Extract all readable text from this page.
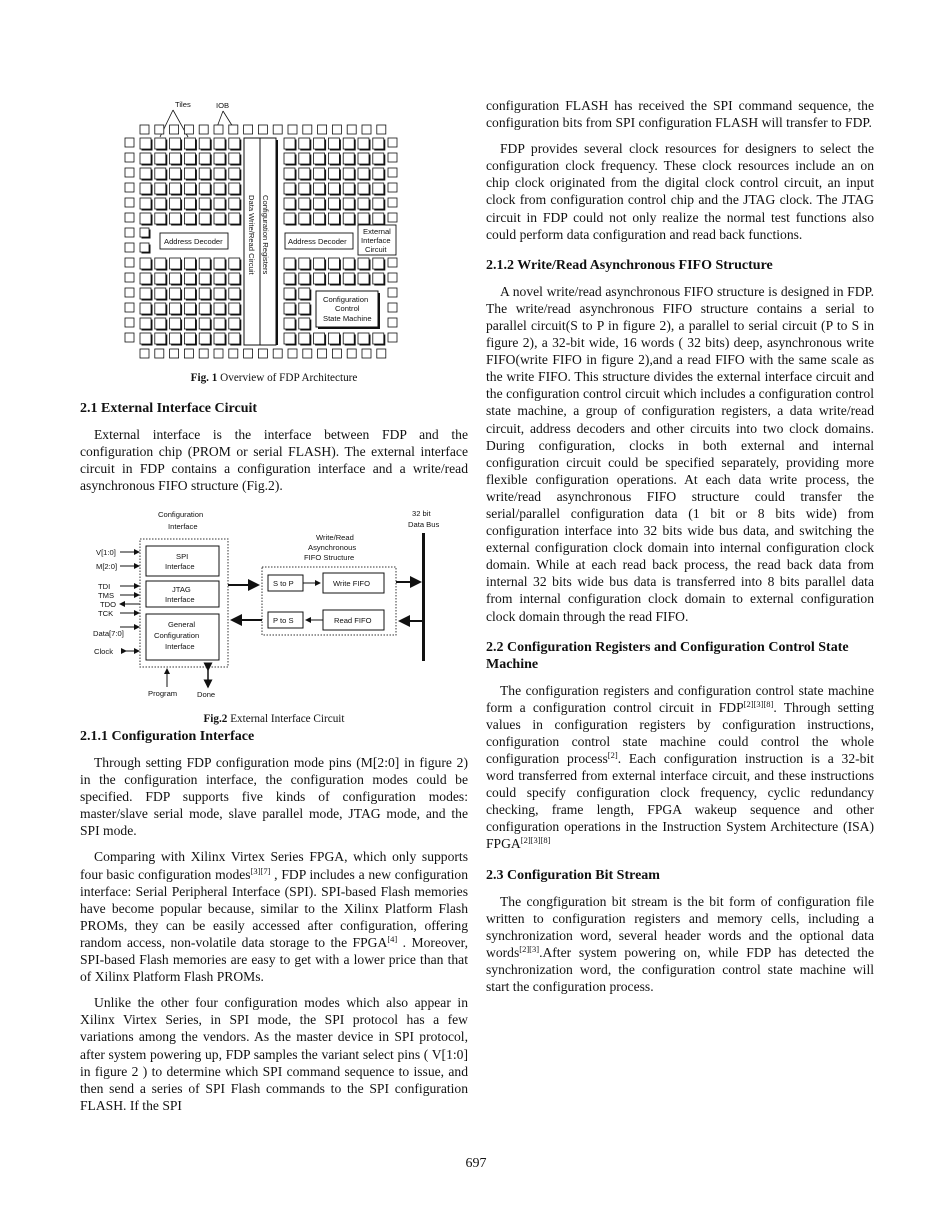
Tiles	IOB
Configuration Registers
Data Write/Read Circuit
Address Decoder	Address Decoder
External
Interface
Circuit
Configuration
Control
State Machine

Fig. 1 Overview of FDP Architecture

2.1 External Interface Circuit

External interface is the interface between FDP and the configuration chip (PROM or serial FLASH). The external interface circuit in FDP contains a configuration interface and a write/read asynchronous FIFO structure (Fig.2).

Configuration
Interface
SPI
Interface
JTAG
Interface
General
Configuration
Interface
V[1:0]
M[2:0]
TDI
TMS
TDO
TCK
Data[7:0]
Clock
Program	Done
Write/Read
Asynchronous
FIFO Structure
S to P	Write FIFO
P to S	Read FIFO
32 bit
Data Bus

Fig.2 External Interface Circuit

2.1.1 Configuration Interface

Through setting FDP configuration mode pins (M[2:0] in figure 2) in the configuration interface, the configuration modes could be specified. FDP supports five kinds of configuration modes: master/slave serial mode, slave parallel mode, JTAG mode, and the SPI mode.

Comparing with Xilinx Virtex Series FPGA, which only supports four basic configuration modes[3][7] , FDP includes a new configuration interface: Serial Peripheral Interface (SPI). SPI-based Flash memories have become popular because, similar to the Xilinx Platform Flash PROMs, they can be easily accessed after configuration, offering random access, non-volatile data storage to the FPGA[4] . Moreover, SPI-based Flash memories are easy to get with a lower price than that of Xilinx Platform Flash PROMs.

Unlike the other four configuration modes which also appear in Xilinx Virtex Series, in SPI mode, the SPI protocol has a few variations among the vendors. As the master device in SPI protocol, after system powering up, FDP samples the variant select pins ( V[1:0] in figure 2 ) to determine which SPI command sequence to issue, and then send a series of SPI Flash commands to the SPI configuration FLASH. If the SPI

configuration FLASH has received the SPI command sequence, the configuration bits from SPI configuration FLASH will transfer to FDP.

FDP provides several clock resources for designers to select the configuration clock frequency. These clock resources include an on chip clock originated from the digital clock control circuit, an input clock from configuration control chip and the JTAG clock. The JTAG circuit in FDP could not only realize the normal test functions also could perform data configuration and read back functions.

2.1.2 Write/Read Asynchronous FIFO Structure

A novel write/read asynchronous FIFO structure is designed in FDP. The write/read asynchronous FIFO structure contains a serial to parallel circuit(S to P in figure 2), a parallel to serial circuit (P to S in figure 2), a 32-bit wide, 16 words ( 32 bits) deep, asynchronous write FIFO(write FIFO in figure 2),and a read FIFO with the same scale as the write FIFO. This structure divides the external interface circuit and the configuration control circuit which includes a configuration control state machine, a group of configuration registers, a data write/read circuit, address decoders and other circuits into two clock domains. During configuration, clocks in both external and internal configuration circuit could be specified separately, providing more flexible configuration operations. At each data write process, the write/read asynchronous FIFO structure could transfer the serial/parallel configuration data (1 bit or 8 bits wide) from configuration interface into 32 bits wide bus data, and switching the external configuration clock domain into internal configuration clock domain. While at each read back process, the read back data from internal 32 bits wide bus data is transferred into 8 bits parallel data from internal configuration clock domain to external configuration clock domain through the read FIFO.

2.2 Configuration Registers and Configuration Control State Machine

The configuration registers and configuration control state machine form a configuration control circuit in FDP[2][3][8]. Through setting values in configuration registers by configuration instructions, configuration control state machine could control the whole configuration process[2]. Each configuration instruction is a 32-bit word transferred from external interface circuit, and these instructions could specify configuration clock frequency, cyclic redundancy checking, frame length, FPGA wakeup sequence and other configuration operations in the Instruction System Architecture (ISA) FPGA[2][3][8]

2.3 Configuration Bit Stream

The congfiguration bit stream is the bit form of configuration file written to configuration registers and memory cells, including a synchronization word, several header words and the optional data words[2][3].After system powering on, while FDP has detected the synchronization word, the configuration control state machine will start the configuration process.

697
